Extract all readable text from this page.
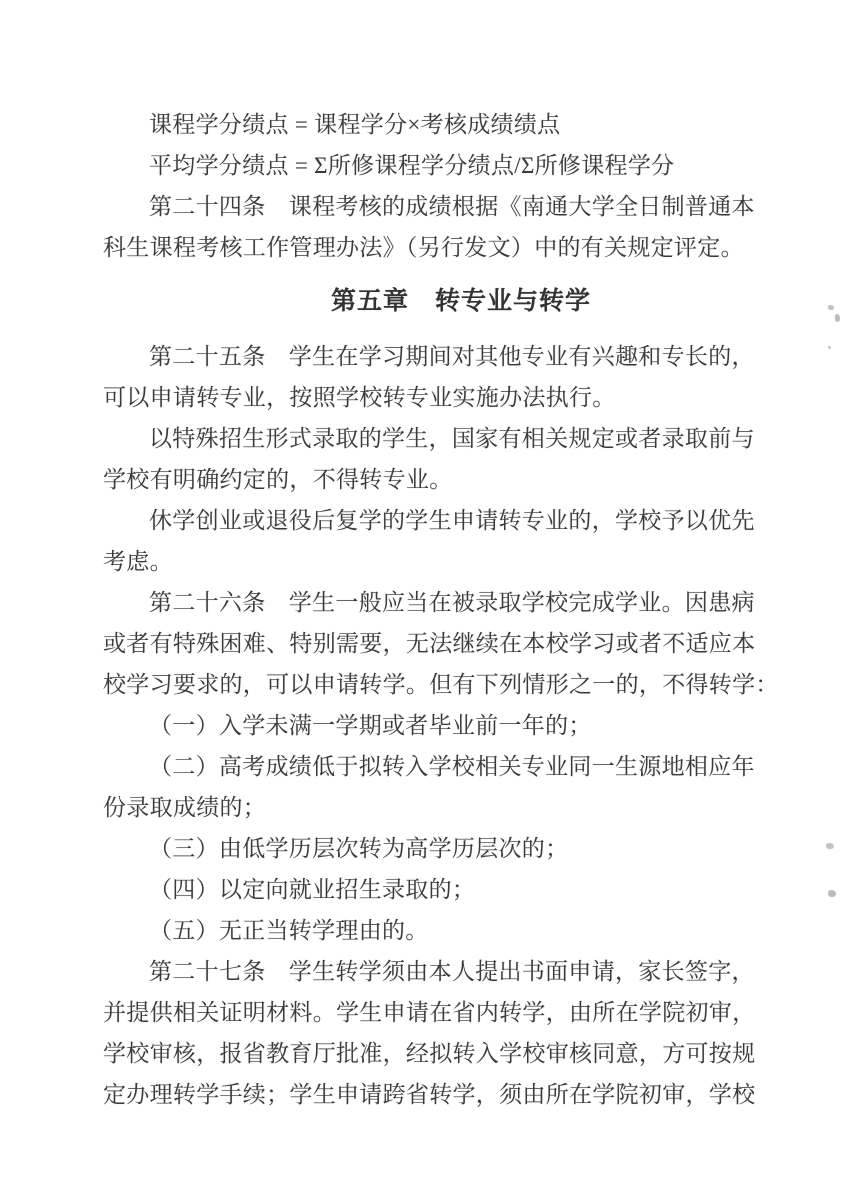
课程学分绩点 = 课程学分×考核成绩绩点
平均学分绩点 = Σ所修课程学分绩点/Σ所修课程学分
第二十四条　课程考核的成绩根据《南通大学全日制普通本
科生课程考核工作管理办法》（另行发文）中的有关规定评定。
第五章　转专业与转学
第二十五条　学生在学习期间对其他专业有兴趣和专长的，
可以申请转专业，按照学校转专业实施办法执行。
以特殊招生形式录取的学生，国家有相关规定或者录取前与
学校有明确约定的，不得转专业。
休学创业或退役后复学的学生申请转专业的，学校予以优先
考虑。
第二十六条　学生一般应当在被录取学校完成学业。因患病
或者有特殊困难、特别需要，无法继续在本校学习或者不适应本
校学习要求的，可以申请转学。但有下列情形之一的，不得转学：
（一）入学未满一学期或者毕业前一年的；
（二）高考成绩低于拟转入学校相关专业同一生源地相应年
份录取成绩的；
（三）由低学历层次转为高学历层次的；
（四）以定向就业招生录取的；
（五）无正当转学理由的。
第二十七条　学生转学须由本人提出书面申请，家长签字，
并提供相关证明材料。学生申请在省内转学，由所在学院初审，
学校审核，报省教育厅批准，经拟转入学校审核同意，方可按规
定办理转学手续；学生申请跨省转学，须由所在学院初审，学校
